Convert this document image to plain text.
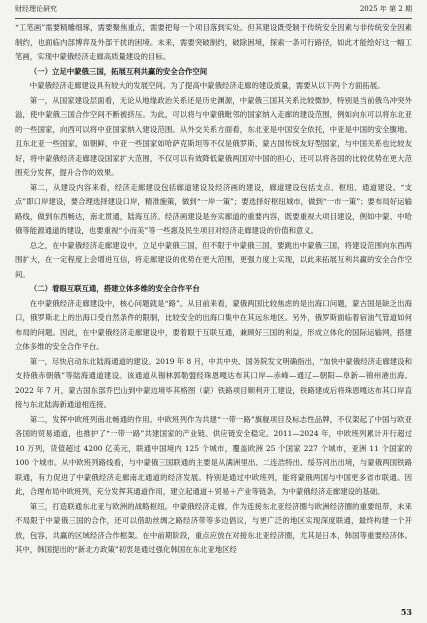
财经理论研究	2025 年 第 2 期

“工笔画”需要精雕细琢，需要聚焦重点，需要把每一个项目落到实处。但其建设既受制于传统安全因素与非传统安全因素制约，也面临内部博弈及外部干扰的困境。未来，需要突破制约，破除困境，探索一条可行路径，如此才能绘好这一幅工笔画，实现中蒙俄经济走廊高质量建设的目标。

（一）立足中蒙俄三国，拓展互利共赢的安全合作空间

中蒙俄经济走廊建设具有较大的发展空间。为了提高中蒙俄经济走廊的建设质量，需要从以下两个方面拓展。

第一，从国家建设层面看，无论从地缘政治关系还是历史渊源，中蒙俄三国其关系比较微妙，特别是当前俄乌冲突外溢，使中蒙俄三国合作空间不断被挤压。为此，可以将与中蒙俄毗邻的国家纳入走廊的建设范围，例如向东可以将东北亚的一些国家，向西可以将中亚国家纳入建设范围。从外交关系方面看，东北亚是中国安全依托，中亚是中国的安全腹地。且东北亚一些国家，如朝鲜，中亚一些国家如哈萨克斯坦等不仅是俄罗斯、蒙古国传统友好型国家，与中国关系也比较友好，将中蒙俄经济走廊建设国家扩大范围，不仅可以有效降低蒙俄两国对中国的担心，还可以将各国的比较优势在更大范围充分发挥，提升合作的效果。

第二，从建设内容来看，经济走廊建设包括廊道建设及经济画的建设，廊道建设包括支点、枢纽、通道建设。“支点”即口岸建设，要合理选择建设口岸，精准施策，做到“一岸一策”；要选择好枢纽城市，做到“一市一策”；要布局好运输路线，做到东西畅达，南北贯通，陆海互济。经济画建设是夯实廊道的重要内容，既要重视大项目建设，例如中蒙、中哈俄等能源通道的建设，也要重视“小而美”等一些惠及民生项目对经济走廊建设的价值和意义。

总之，在中蒙俄经济走廊建设中，立足中蒙俄三国，但不限于中蒙俄三国，要跳出中蒙俄三国，将建设范围向东西两围扩大，在一定程度上会增进互信，将走廊建设的优势在更大范围，更强力度上实现，以此来拓展互利共赢的安全合作空间。

（二）着眼互联互通，搭建立体多维的安全合作平台

在中蒙俄经济走廊建设中，核心问题就是“路”。从目前来看，蒙俄两国比较焦虑的是出海口问题，蒙古国是缺乏出海口，俄罗斯北上的出海口受自然条件的限制，比较安全的出海口集中在其远东地区。另外，俄罗斯面临着宿油气管道如何布局的问题。因此，在中蒙俄经济走廊建设中，要着眼于互联互通，兼顾好三国的利益，形成立体化的国际运输网，搭建立体多维的安全合作平台。

第一，尽快启动东北陆海通道的建设。2019 年 8 月，中共中央、国务院发文明确指出，“加快中蒙俄经济走廊建设和支持俄赤朝俄”等陆海通道建设。该通道从锡林郭勒盟经珠恩嘎达布其口岸—赤峰—通辽—朝阳—阜新—锦州港出海。2022 年 7 月，蒙古国东部乔巴山到中蒙边境毕其格图（蒙）铁路项目顺利开工建设，铁路建成后将珠恩嘎达布其口岸直接与东北陆海新通道相连接。

第二，发挥中欧班列南北畅通的作用。中欧班列作为共建“一带一路”旗舰项目及标志性品牌，不仅架起了中国与欧亚各国的贸易通道，也推护了“一带一路”共建国家的产业链、供应链安全稳定。2011—2024 年，中欧班列累计开行超过 10 万列，货值超过 4200 亿美元，联通中国境内 125 个城市，覆盖欧洲 25 个国家 227 个城市，亚洲 11 个国家的 100 个城市。从中欧班列路线看，与中蒙俄三国联通的主要是从满洲里出、二连浩特出、绥芬河出出境，与蒙俄两国铁路联通，有力促进了中蒙俄经济走廊南北通道的经济发展。特别是通过中欧班列，能将蒙俄两国与中国更多省市联通。因此，合理布局中欧班列，充分发挥其通道作用，建立起通道＋贸易＋产业等链条，为中蒙俄经济走廊建设的基础。

第三，打造联通东北亚与欧洲的战略枢纽。中蒙俄经济走廊，作为连接东北亚经济圈与欧洲经济圈的重要纽带，未来不局限于中蒙俄三国的合作，还可以借助丝绸之路经济带等多边倡议，与更广泛的地区实现深度联通，最终构建一个开放，包容，共赢的区域经济合作框架。在中前期阶段，重点应放在对接东北亚经济圈，尤其是日本，韩国等重要经济体。其中，韩国提出的“新北方政策”初衷是通过强化韩国在东北亚地区经

53
